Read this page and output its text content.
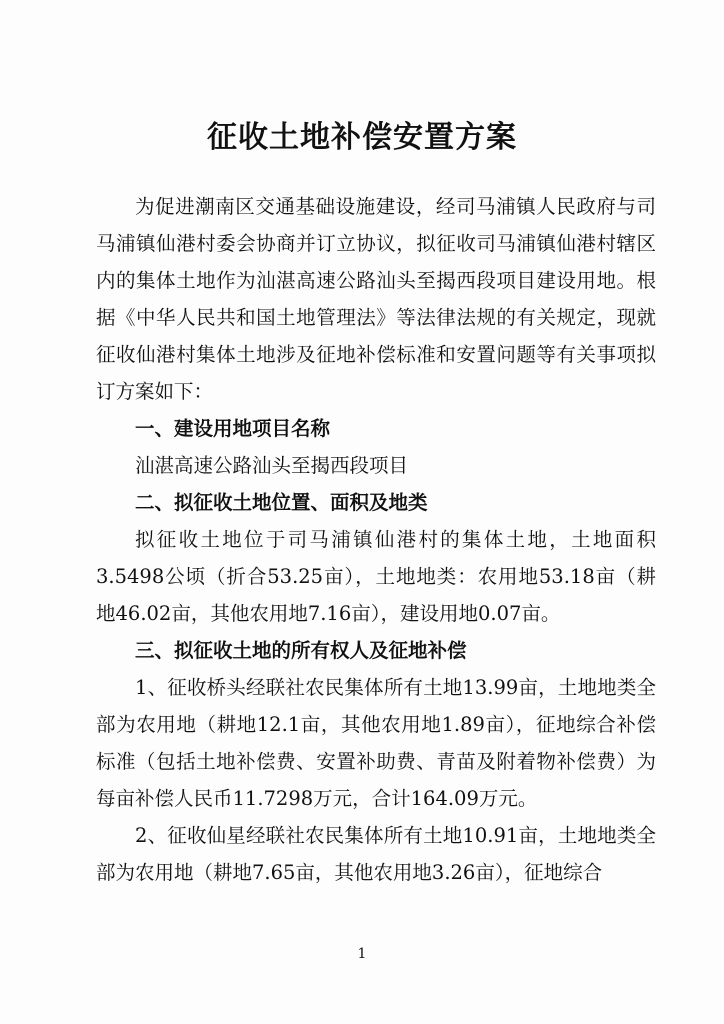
征收土地补偿安置方案

为促进潮南区交通基础设施建设，经司马浦镇人民政府与司马浦镇仙港村委会协商并订立协议，拟征收司马浦镇仙港村辖区内的集体土地作为汕湛高速公路汕头至揭西段项目建设用地。根据《中华人民共和国土地管理法》等法律法规的有关规定，现就征收仙港村集体土地涉及征地补偿标准和安置问题等有关事项拟订方案如下：

一、建设用地项目名称

汕湛高速公路汕头至揭西段项目

二、拟征收土地位置、面积及地类

拟征收土地位于司马浦镇仙港村的集体土地，土地面积3.5498公顷（折合53.25亩），土地地类：农用地53.18亩（耕地46.02亩，其他农用地7.16亩），建设用地0.07亩。

三、拟征收土地的所有权人及征地补偿

1、征收桥头经联社农民集体所有土地13.99亩，土地地类全部为农用地（耕地12.1亩，其他农用地1.89亩），征地综合补偿标准（包括土地补偿费、安置补助费、青苗及附着物补偿费）为每亩补偿人民币11.7298万元，合计164.09万元。

2、征收仙星经联社农民集体所有土地10.91亩，土地地类全部为农用地（耕地7.65亩，其他农用地3.26亩），征地综合

1
